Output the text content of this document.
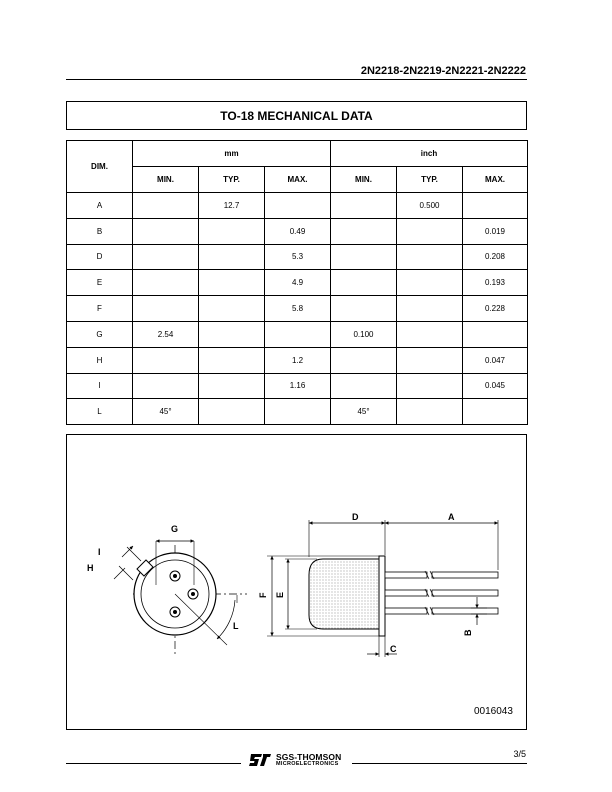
2N2218-2N2219-2N2221-2N2222
TO-18 MECHANICAL DATA
DIM.	mm			inch		
	MIN.	TYP.	MAX.	MIN.	TYP.	MAX.
A		12.7			0.500	
B			0.49			0.019
D			5.3			0.208
E			4.9			0.193
F			5.8			0.228
G	2.54			0.100		
H			1.2			0.047
I			1.16			0.045
L	45°			45°		
G
I
H
L
D	A
F E
C
B
0016043
SGS-THOMSON
MICROELECTRONICS
3/5
